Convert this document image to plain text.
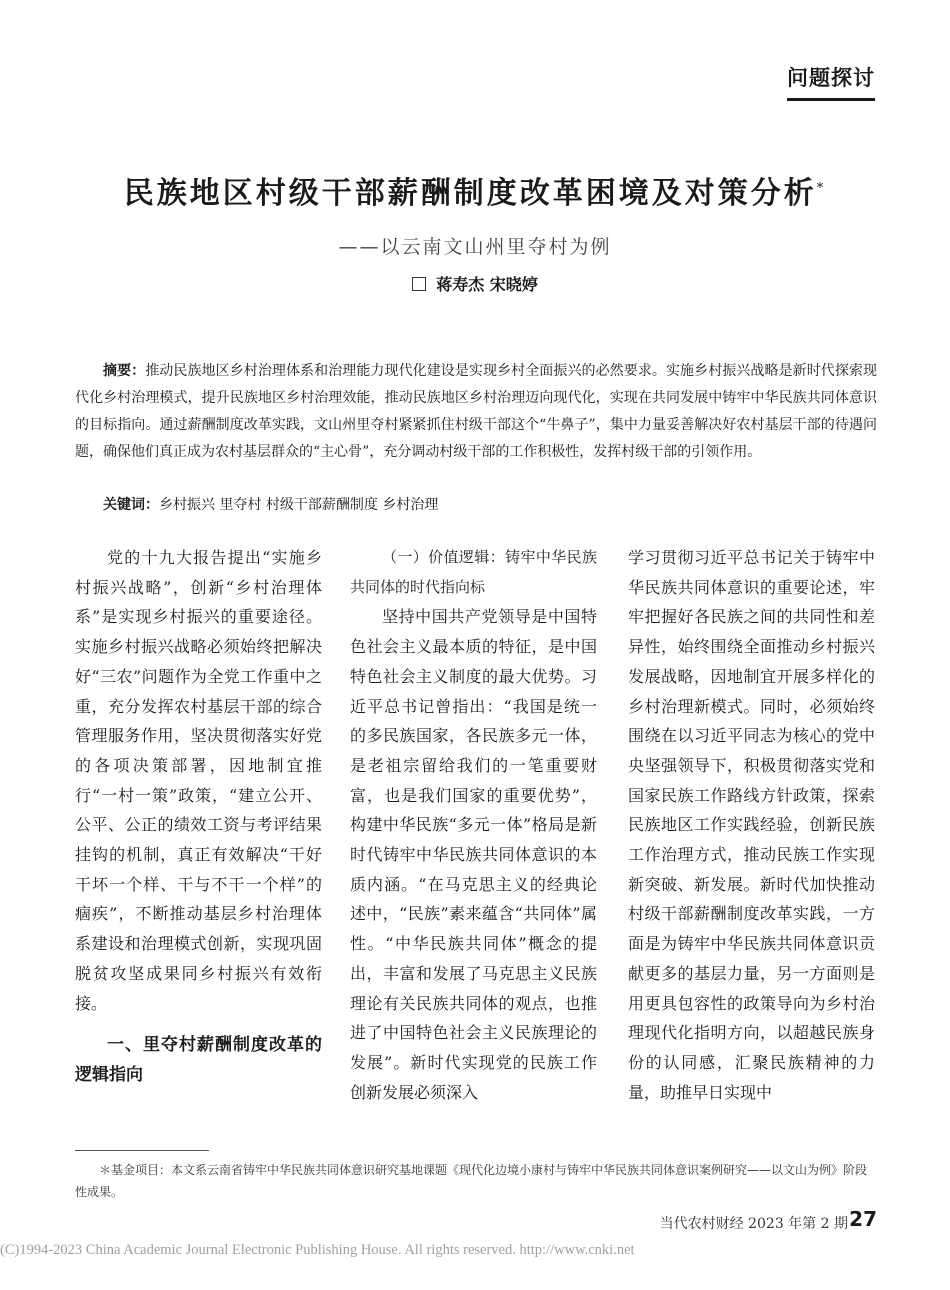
问题探讨
民族地区村级干部薪酬制度改革困境及对策分析*
——以云南文山州里夺村为例
蒋寿杰 宋晓婷
摘要：推动民族地区乡村治理体系和治理能力现代化建设是实现乡村全面振兴的必然要求。实施乡村振兴战略是新时代探索现代化乡村治理模式，提升民族地区乡村治理效能，推动民族地区乡村治理迈向现代化，实现在共同发展中铸牢中华民族共同体意识的目标指向。通过薪酬制度改革实践，文山州里夺村紧紧抓住村级干部这个“牛鼻子”，集中力量妥善解决好农村基层干部的待遇问题，确保他们真正成为农村基层群众的“主心骨”，充分调动村级干部的工作积极性，发挥村级干部的引领作用。
关键词：乡村振兴 里夺村 村级干部薪酬制度 乡村治理

党的十九大报告提出“实施乡村振兴战略”，创新“乡村治理体系”是实现乡村振兴的重要途径。实施乡村振兴战略必须始终把解决好“三农”问题作为全党工作重中之重，充分发挥农村基层干部的综合管理服务作用，坚决贯彻落实好党的各项决策部署，因地制宜推行“一村一策”政策，“建立公开、公平、公正的绩效工资与考评结果挂钩的机制，真正有效解决“干好干坏一个样、干与不干一个样”的痼疾”，不断推动基层乡村治理体系建设和治理模式创新，实现巩固脱贫攻坚成果同乡村振兴有效衔接。

一、里夺村薪酬制度改革的逻辑指向

（一）价值逻辑：铸牢中华民族共同体的时代指向标

坚持中国共产党领导是中国特色社会主义最本质的特征，是中国特色社会主义制度的最大优势。习近平总书记曾指出：“我国是统一的多民族国家，各民族多元一体，是老祖宗留给我们的一笔重要财富，也是我们国家的重要优势”，构建中华民族“多元一体”格局是新时代铸牢中华民族共同体意识的本质内涵。“在马克思主义的经典论述中，“民族”素来蕴含“共同体”属性。“中华民族共同体”概念的提出，丰富和发展了马克思主义民族理论有关民族共同体的观点，也推进了中国特色社会主义民族理论的发展”。新时代实现党的民族工作创新发展必须深入

学习贯彻习近平总书记关于铸牢中华民族共同体意识的重要论述，牢牢把握好各民族之间的共同性和差异性，始终围绕全面推动乡村振兴发展战略，因地制宜开展多样化的乡村治理新模式。同时，必须始终围绕在以习近平同志为核心的党中央坚强领导下，积极贯彻落实党和国家民族工作路线方针政策，探索民族地区工作实践经验，创新民族工作治理方式，推动民族工作实现新突破、新发展。新时代加快推动村级干部薪酬制度改革实践，一方面是为铸牢中华民族共同体意识贡献更多的基层力量，另一方面则是用更具包容性的政策导向为乡村治理现代化指明方向，以超越民族身份的认同感，汇聚民族精神的力量，助推早日实现中

＊基金项目：本文系云南省铸牢中华民族共同体意识研究基地课题《现代化边境小康村与铸牢中华民族共同体意识案例研究——以文山为例》阶段性成果。
当代农村财经 2023 年第 2 期 27
(C)1994-2023 China Academic Journal Electronic Publishing House. All rights reserved. http://www.cnki.net
